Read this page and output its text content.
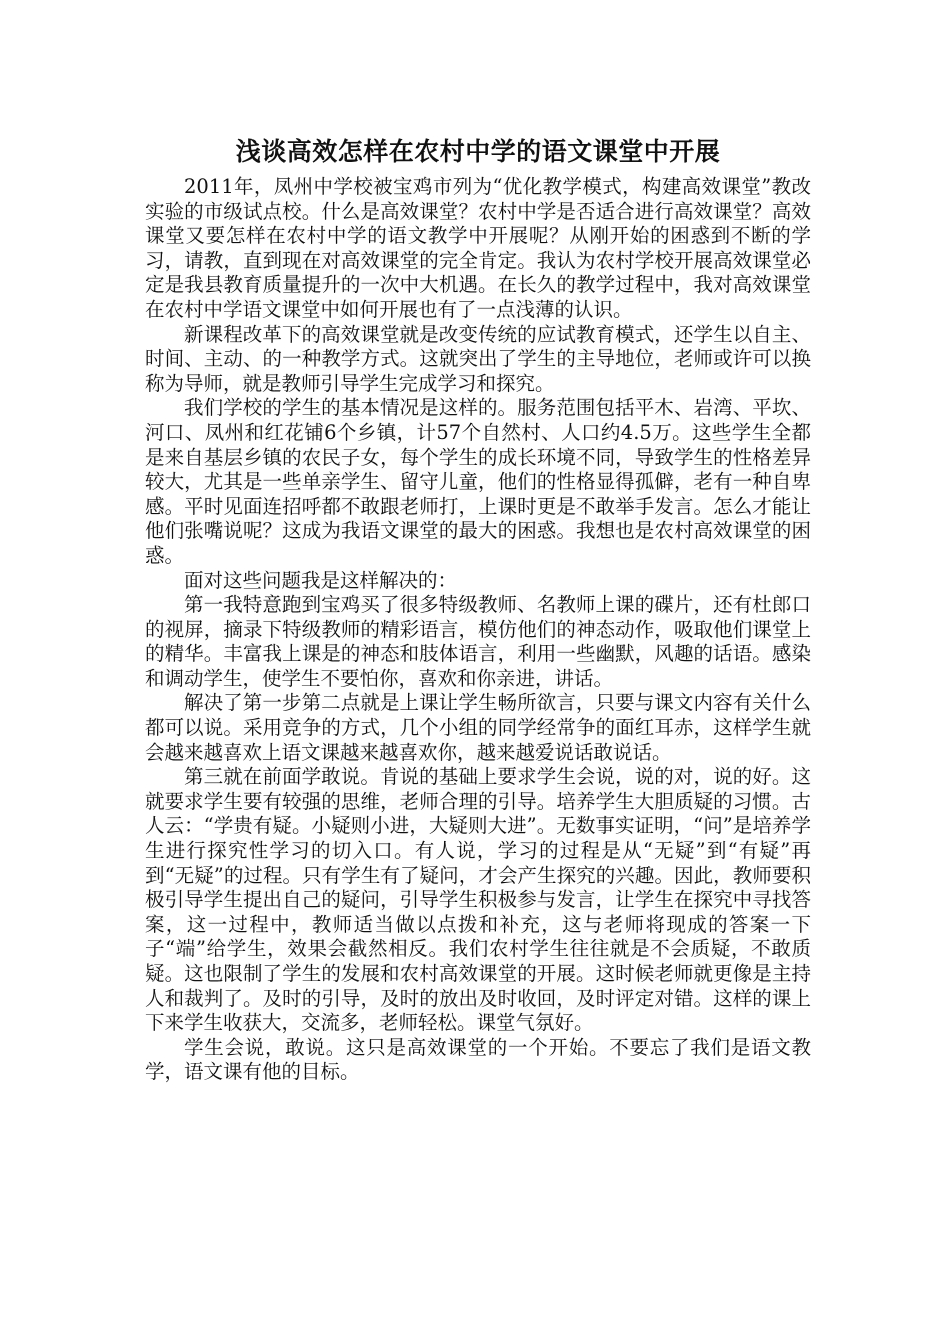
浅谈高效怎样在农村中学的语文课堂中开展

2011年，凤州中学校被宝鸡市列为“优化教学模式，构建高效课堂”教改实验的市级试点校。什么是高效课堂？农村中学是否适合进行高效课堂？高效课堂又要怎样在农村中学的语文教学中开展呢？从刚开始的困惑到不断的学习，请教，直到现在对高效课堂的完全肯定。我认为农村学校开展高效课堂必定是我县教育质量提升的一次中大机遇。在长久的教学过程中，我对高效课堂在农村中学语文课堂中如何开展也有了一点浅薄的认识。

新课程改革下的高效课堂就是改变传统的应试教育模式，还学生以自主、时间、主动、的一种教学方式。这就突出了学生的主导地位，老师或许可以换称为导师，就是教师引导学生完成学习和探究。

我们学校的学生的基本情况是这样的。服务范围包括平木、岩湾、平坎、河口、凤州和红花铺6个乡镇，计57个自然村、人口约4.5万。这些学生全都是来自基层乡镇的农民子女，每个学生的成长环境不同，导致学生的性格差异较大，尤其是一些单亲学生、留守儿童，他们的性格显得孤僻，老有一种自卑感。平时见面连招呼都不敢跟老师打，上课时更是不敢举手发言。怎么才能让他们张嘴说呢？这成为我语文课堂的最大的困惑。我想也是农村高效课堂的困惑。

面对这些问题我是这样解决的：

第一我特意跑到宝鸡买了很多特级教师、名教师上课的碟片，还有杜郎口的视屏，摘录下特级教师的精彩语言，模仿他们的神态动作，吸取他们课堂上的精华。丰富我上课是的神态和肢体语言，利用一些幽默，风趣的话语。感染和调动学生，使学生不要怕你，喜欢和你亲进，讲话。

解决了第一步第二点就是上课让学生畅所欲言，只要与课文内容有关什么都可以说。采用竞争的方式，几个小组的同学经常争的面红耳赤，这样学生就会越来越喜欢上语文课越来越喜欢你，越来越爱说话敢说话。

第三就在前面学敢说。肯说的基础上要求学生会说，说的对，说的好。这就要求学生要有较强的思维，老师合理的引导。培养学生大胆质疑的习惯。古人云：“学贵有疑。小疑则小进，大疑则大进”。无数事实证明，“问”是培养学生进行探究性学习的切入口。有人说，学习的过程是从“无疑”到“有疑”再到“无疑”的过程。只有学生有了疑问，才会产生探究的兴趣。因此，教师要积极引导学生提出自己的疑问，引导学生积极参与发言，让学生在探究中寻找答案，这一过程中，教师适当做以点拨和补充，这与老师将现成的答案一下子“端”给学生，效果会截然相反。我们农村学生往往就是不会质疑，不敢质疑。这也限制了学生的发展和农村高效课堂的开展。这时候老师就更像是主持人和裁判了。及时的引导，及时的放出及时收回，及时评定对错。这样的课上下来学生收获大，交流多，老师轻松。课堂气氛好。

学生会说，敢说。这只是高效课堂的一个开始。不要忘了我们是语文教学，语文课有他的目标。
